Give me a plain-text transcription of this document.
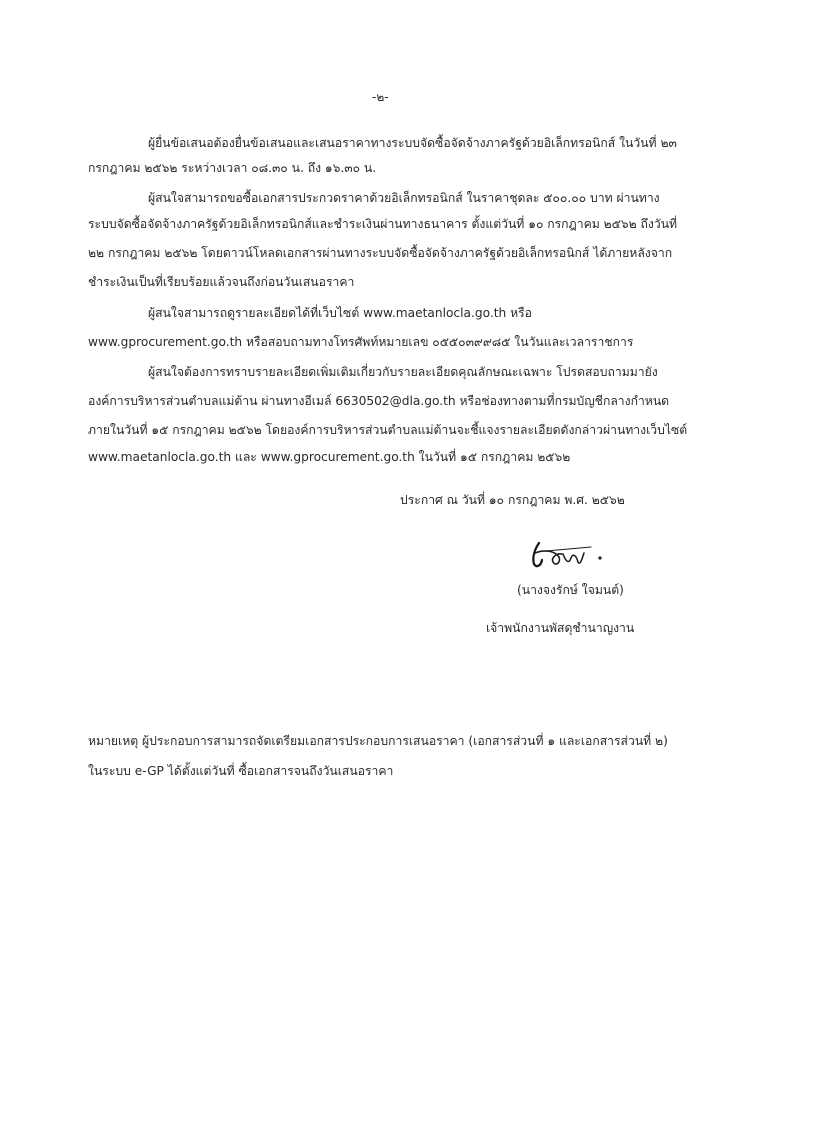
-๒-

ผู้ยื่นข้อเสนอต้องยื่นข้อเสนอและเสนอราคาทางระบบจัดซื้อจัดจ้างภาครัฐด้วยอิเล็กทรอนิกส์ ในวันที่ ๒๓

กรกฎาคม ๒๕๖๒ ระหว่างเวลา ๐๘.๓๐ น. ถึง ๑๖.๓๐ น.

ผู้สนใจสามารถขอซื้อเอกสารประกวดราคาด้วยอิเล็กทรอนิกส์ ในราคาชุดละ ๕๐๐.๐๐ บาท ผ่านทาง

ระบบจัดซื้อจัดจ้างภาครัฐด้วยอิเล็กทรอนิกส์และชำระเงินผ่านทางธนาคาร ตั้งแต่วันที่ ๑๐ กรกฎาคม ๒๕๖๒ ถึงวันที่

๒๒ กรกฎาคม ๒๕๖๒ โดยดาวน์โหลดเอกสารผ่านทางระบบจัดซื้อจัดจ้างภาครัฐด้วยอิเล็กทรอนิกส์ ได้ภายหลังจาก

ชำระเงินเป็นที่เรียบร้อยแล้วจนถึงก่อนวันเสนอราคา

ผู้สนใจสามารถดูรายละเอียดได้ที่เว็บไซต์ www.maetanlocla.go.th หรือ

www.gprocurement.go.th หรือสอบถามทางโทรศัพท์หมายเลข ๐๕๕๐๓๙๙๘๕ ในวันและเวลาราชการ

ผู้สนใจต้องการทราบรายละเอียดเพิ่มเติมเกี่ยวกับรายละเอียดคุณลักษณะเฉพาะ โปรดสอบถามมายัง

องค์การบริหารส่วนตำบลแม่ต้าน ผ่านทางอีเมล์ 6630502@dla.go.th หรือช่องทางตามที่กรมบัญชีกลางกำหนด

ภายในวันที่ ๑๕ กรกฎาคม ๒๕๖๒ โดยองค์การบริหารส่วนตำบลแม่ต้านจะชี้แจงรายละเอียดดังกล่าวผ่านทางเว็บไซต์

www.maetanlocla.go.th และ www.gprocurement.go.th ในวันที่ ๑๕ กรกฎาคม ๒๕๖๒

ประกาศ ณ วันที่ ๑๐ กรกฎาคม พ.ศ. ๒๕๖๒

(นางจงรักษ์ ใจมนต์)

เจ้าพนักงานพัสดุชำนาญงาน

หมายเหตุ ผู้ประกอบการสามารถจัดเตรียมเอกสารประกอบการเสนอราคา (เอกสารส่วนที่ ๑ และเอกสารส่วนที่ ๒)

ในระบบ e-GP ได้ตั้งแต่วันที่ ซื้อเอกสารจนถึงวันเสนอราคา
